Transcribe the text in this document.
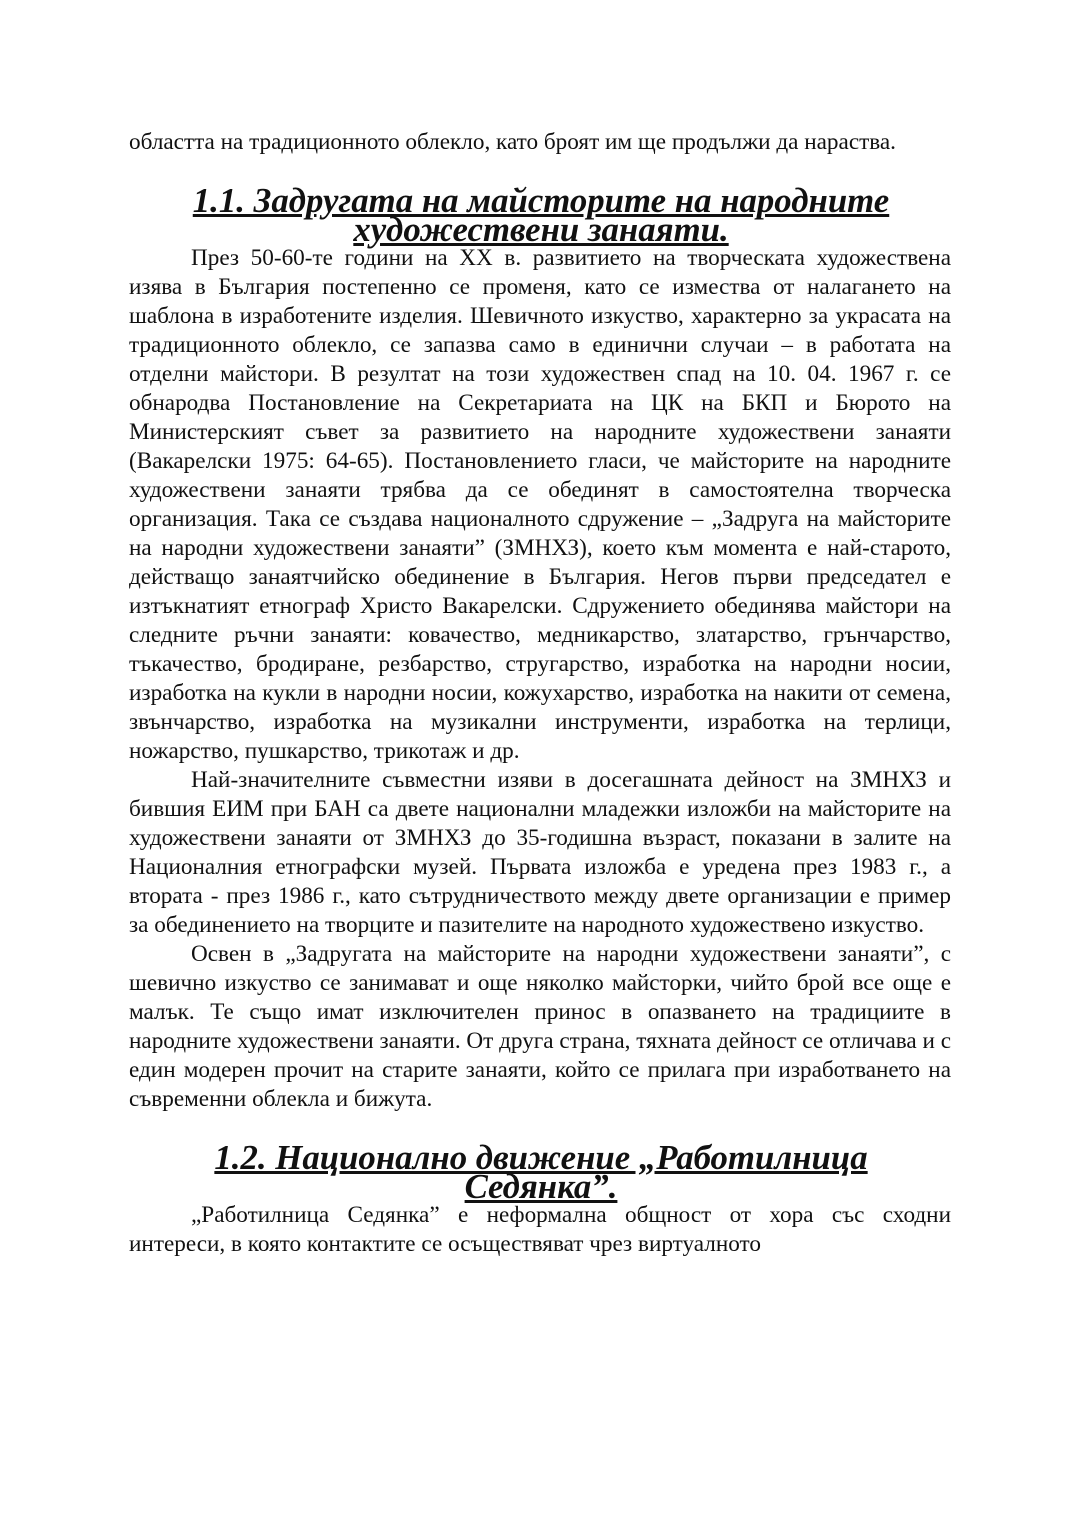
областта на традиционното облекло, като броят им ще продължи да нараства.

1.1. Задругата на майсторите на народните художествени занаяти.

През 50-60-те години на XX в. развитието на творческата художествена изява в България постепенно се променя, като се измества от налагането на шаблона в изработените изделия. Шевичното изкуство, характерно за украсата на традиционното облекло, се запазва само в единични случаи – в работата на отделни майстори. В резултат на този художествен спад на 10. 04. 1967 г. се обнародва Постановление на Секретариата на ЦК на БКП и Бюрото на Министерският съвет за развитието на народните художествени занаяти (Вакарелски 1975: 64-65). Постановлението гласи, че майсторите на народните художествени занаяти трябва да се обединят в самостоятелна творческа организация. Така се създава националното сдружение – „Задруга на майсторите на народни художествени занаяти” (ЗМНХЗ), което към момента е най-старото, действащо занаятчийско обединение в България. Негов първи председател е изтъкнатият етнограф Христо Вакарелски. Сдружението обединява майстори на следните ръчни занаяти: ковачество, медникарство, златарство, грънчарство, тъкачество, бродиране, резбарство, стругарство, изработка на народни носии, изработка на кукли в народни носии, кожухарство, изработка на накити от семена, звънчарство, изработка на музикални инструменти, изработка на терлици, ножарство, пушкарство, трикотаж и др.

Най-значителните съвместни изяви в досегашната дейност на ЗМНХЗ и бившия ЕИМ при БАН са двете национални младежки изложби на майсторите на художествени занаяти от ЗМНХЗ до 35-годишна възраст, показани в залите на Националния етнографски музей. Първата изложба е уредена през 1983 г., а втората - през 1986 г., като сътрудничеството между двете организации е пример за обединението на творците и пазителите на народното художествено изкуство.

Освен в „Задругата на майсторите на народни художествени занаяти”, с шевично изкуство се занимават и още няколко майсторки, чийто брой все още е малък. Те също имат изключителен принос в опазването на традициите в народните художествени занаяти. От друга страна, тяхната дейност се отличава и с един модерен прочит на старите занаяти, който се прилага при изработването на съвременни облекла и бижута.

1.2. Национално движение „Работилница Седянка”.

„Работилница Седянка” е неформална общност от хора със сходни интереси, в която контактите се осъществяват чрез виртуалното
